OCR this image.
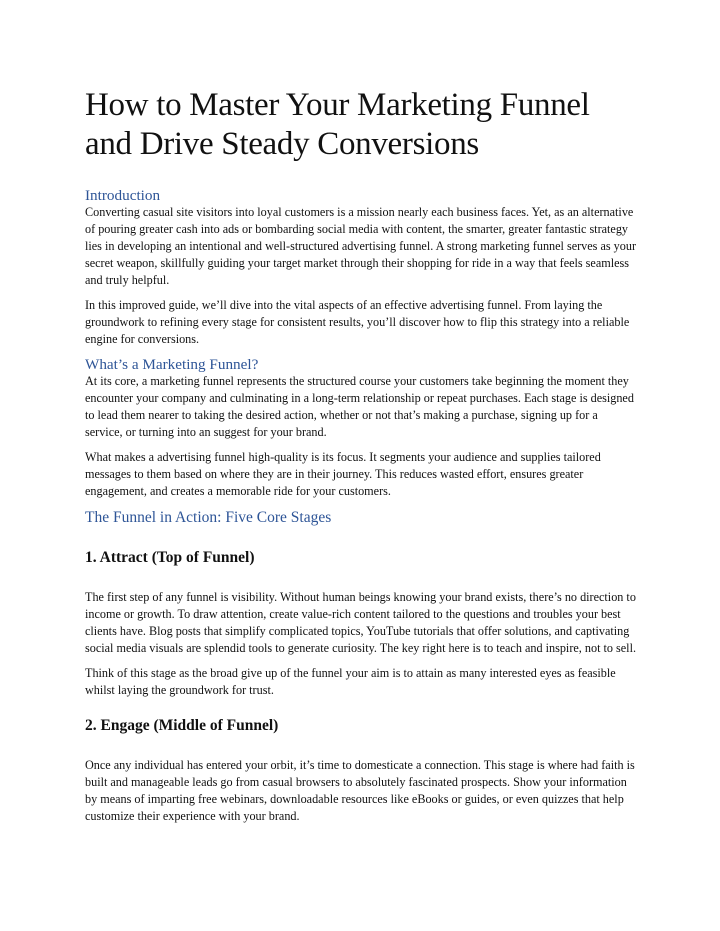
How to Master Your Marketing Funnel and Drive Steady Conversions
Introduction

Converting casual site visitors into loyal customers is a mission nearly each business faces. Yet, as an alternative of pouring greater cash into ads or bombarding social media with content, the smarter, greater fantastic strategy lies in developing an intentional and well-structured advertising funnel. A strong marketing funnel serves as your secret weapon, skillfully guiding your target market through their shopping for ride in a way that feels seamless and truly helpful.

In this improved guide, we’ll dive into the vital aspects of an effective advertising funnel. From laying the groundwork to refining every stage for consistent results, you’ll discover how to flip this strategy into a reliable engine for conversions.

What’s a Marketing Funnel?

At its core, a marketing funnel represents the structured course your customers take beginning the moment they encounter your company and culminating in a long-term relationship or repeat purchases. Each stage is designed to lead them nearer to taking the desired action, whether or not that’s making a purchase, signing up for a service, or turning into an suggest for your brand.

What makes a advertising funnel high-quality is its focus. It segments your audience and supplies tailored messages to them based on where they are in their journey. This reduces wasted effort, ensures greater engagement, and creates a memorable ride for your customers.

The Funnel in Action: Five Core Stages
1. Attract (Top of Funnel)

The first step of any funnel is visibility. Without human beings knowing your brand exists, there’s no direction to income or growth. To draw attention, create value-rich content tailored to the questions and troubles your best clients have. Blog posts that simplify complicated topics, YouTube tutorials that offer solutions, and captivating social media visuals are splendid tools to generate curiosity. The key right here is to teach and inspire, not to sell.

Think of this stage as the broad give up of the funnel your aim is to attain as many interested eyes as feasible whilst laying the groundwork for trust.

2. Engage (Middle of Funnel)

Once any individual has entered your orbit, it’s time to domesticate a connection. This stage is where had faith is built and manageable leads go from casual browsers to absolutely fascinated prospects. Show your information by means of imparting free webinars, downloadable resources like eBooks or guides, or even quizzes that help customize their experience with your brand.
